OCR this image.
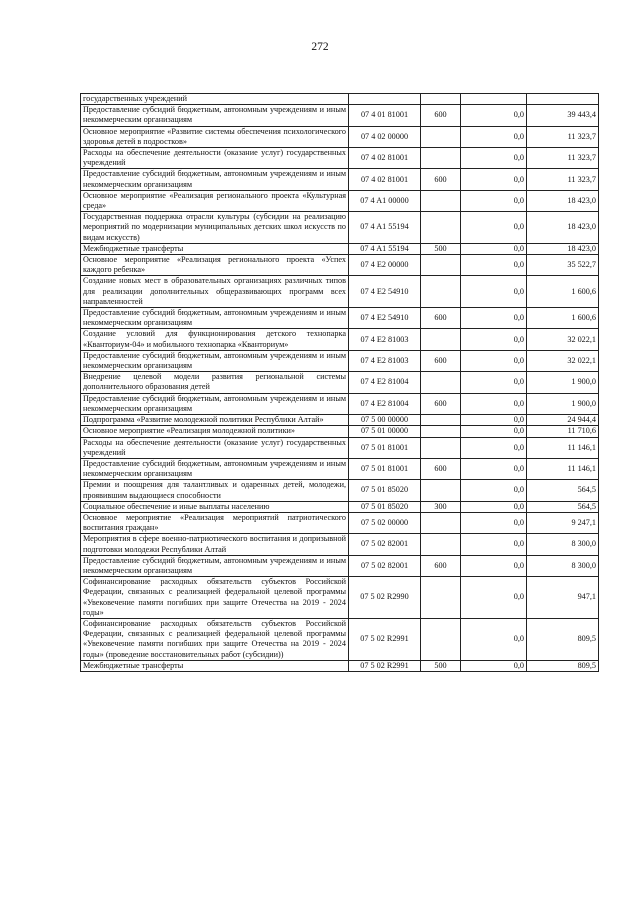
272
государственных учреждений				
Предоставление субсидий бюджетным, автономным учреждениям и иным некоммерческим организациям	07 4 01 81001	600	0,0	39 443,4
Основное мероприятие «Развитие системы обеспечения психологического здоровья детей в подростков»	07 4 02 00000		0,0	11 323,7
Расходы на обеспечение деятельности (оказание услуг) государственных учреждений	07 4 02 81001		0,0	11 323,7
Предоставление субсидий бюджетным, автономным учреждениям и иным некоммерческим организациям	07 4 02 81001	600	0,0	11 323,7
Основное мероприятие «Реализация регионального проекта «Культурная среда»	07 4 A1 00000		0,0	18 423,0
Государственная поддержка отрасли культуры (субсидии на реализацию мероприятий по модернизации муниципальных детских школ искусств по видам искусств)	07 4 A1 55194		0,0	18 423,0
Межбюджетные трансферты	07 4 A1 55194	500	0,0	18 423,0
Основное мероприятие «Реализация регионального проекта «Успех каждого ребенка»	07 4 E2 00000		0,0	35 522,7
Создание новых мест в образовательных организациях различных типов для реализации дополнительных общеразвивающих программ всех направленностей	07 4 E2 54910		0,0	1 600,6
Предоставление субсидий бюджетным, автономным учреждениям и иным некоммерческим организациям	07 4 E2 54910	600	0,0	1 600,6
Создание условий для функционирования детского технопарка «Кванториум-04» и мобильного технопарка «Кванториум»	07 4 E2 81003		0,0	32 022,1
Предоставление субсидий бюджетным, автономным учреждениям и иным некоммерческим организациям	07 4 E2 81003	600	0,0	32 022,1
Внедрение целевой модели развития региональной системы дополнительного образования детей	07 4 E2 81004		0,0	1 900,0
Предоставление субсидий бюджетным, автономным учреждениям и иным некоммерческим организациям	07 4 E2 81004	600	0,0	1 900,0
Подпрограмма «Развитие молодежной политики Республики Алтай»	07 5 00 00000		0,0	24 944,4
Основное мероприятие «Реализация молодежной политики»	07 5 01 00000		0,0	11 710,6
Расходы на обеспечение деятельности (оказание услуг) государственных учреждений	07 5 01 81001		0,0	11 146,1
Предоставление субсидий бюджетным, автономным учреждениям и иным некоммерческим организациям	07 5 01 81001	600	0,0	11 146,1
Премии и поощрения для талантливых и одаренных детей, молодежи, проявившим выдающиеся способности	07 5 01 85020		0,0	564,5
Социальное обеспечение и иные выплаты населению	07 5 01 85020	300	0,0	564,5
Основное мероприятие «Реализация мероприятий патриотического воспитания граждан»	07 5 02 00000		0,0	9 247,1
Мероприятия в сфере военно-патриотического воспитания и допризывной подготовки молодежи Республики Алтай	07 5 02 82001		0,0	8 300,0
Предоставление субсидий бюджетным, автономным учреждениям и иным некоммерческим организациям	07 5 02 82001	600	0,0	8 300,0
Софинансирование расходных обязательств субъектов Российской Федерации, связанных с реализацией федеральной целевой программы «Увековечение памяти погибших при защите Отечества на 2019 - 2024 годы»	07 5 02 R2990		0,0	947,1
Софинансирование расходных обязательств субъектов Российской Федерации, связанных с реализацией федеральной целевой программы «Увековечение памяти погибших при защите Отечества на 2019 - 2024 годы» (проведение восстановительных работ (субсидии))	07 5 02 R2991		0,0	809,5
Межбюджетные трансферты	07 5 02 R2991	500	0,0	809,5
